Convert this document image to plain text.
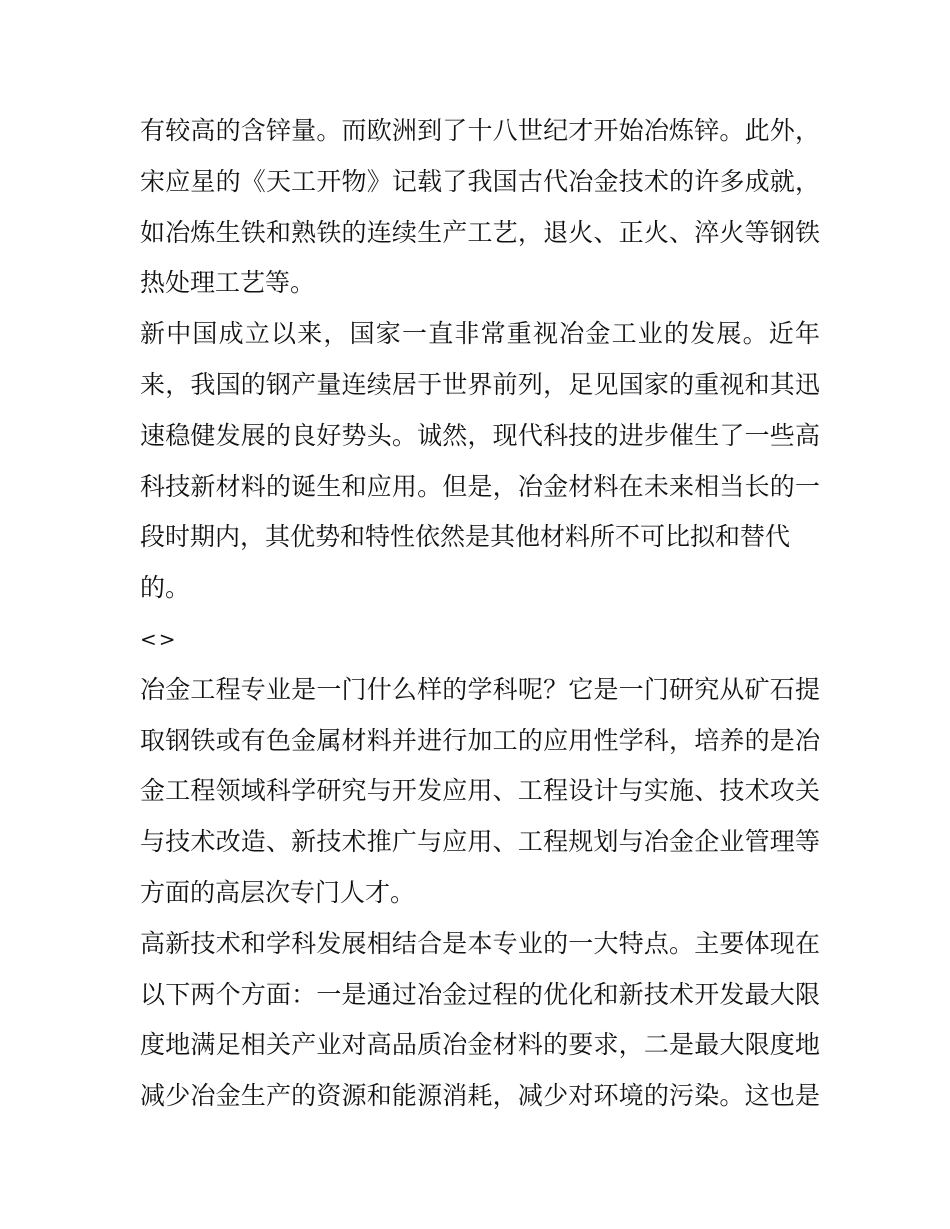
有较高的含锌量。而欧洲到了十八世纪才开始冶炼锌。此外，
宋应星的《天工开物》记载了我国古代冶金技术的许多成就，
如冶炼生铁和熟铁的连续生产工艺，退火、正火、淬火等钢铁
热处理工艺等。
新中国成立以来，国家一直非常重视冶金工业的发展。近年
来，我国的钢产量连续居于世界前列，足见国家的重视和其迅
速稳健发展的良好势头。诚然，现代科技的进步催生了一些高
科技新材料的诞生和应用。但是，冶金材料在未来相当长的一
段时期内，其优势和特性依然是其他材料所不可比拟和替代
的。
<>
冶金工程专业是一门什么样的学科呢？它是一门研究从矿石提
取钢铁或有色金属材料并进行加工的应用性学科，培养的是冶
金工程领域科学研究与开发应用、工程设计与实施、技术攻关
与技术改造、新技术推广与应用、工程规划与冶金企业管理等
方面的高层次专门人才。
高新技术和学科发展相结合是本专业的一大特点。主要体现在
以下两个方面：一是通过冶金过程的优化和新技术开发最大限
度地满足相关产业对高品质冶金材料的要求，二是最大限度地
减少冶金生产的资源和能源消耗，减少对环境的污染。这也是
